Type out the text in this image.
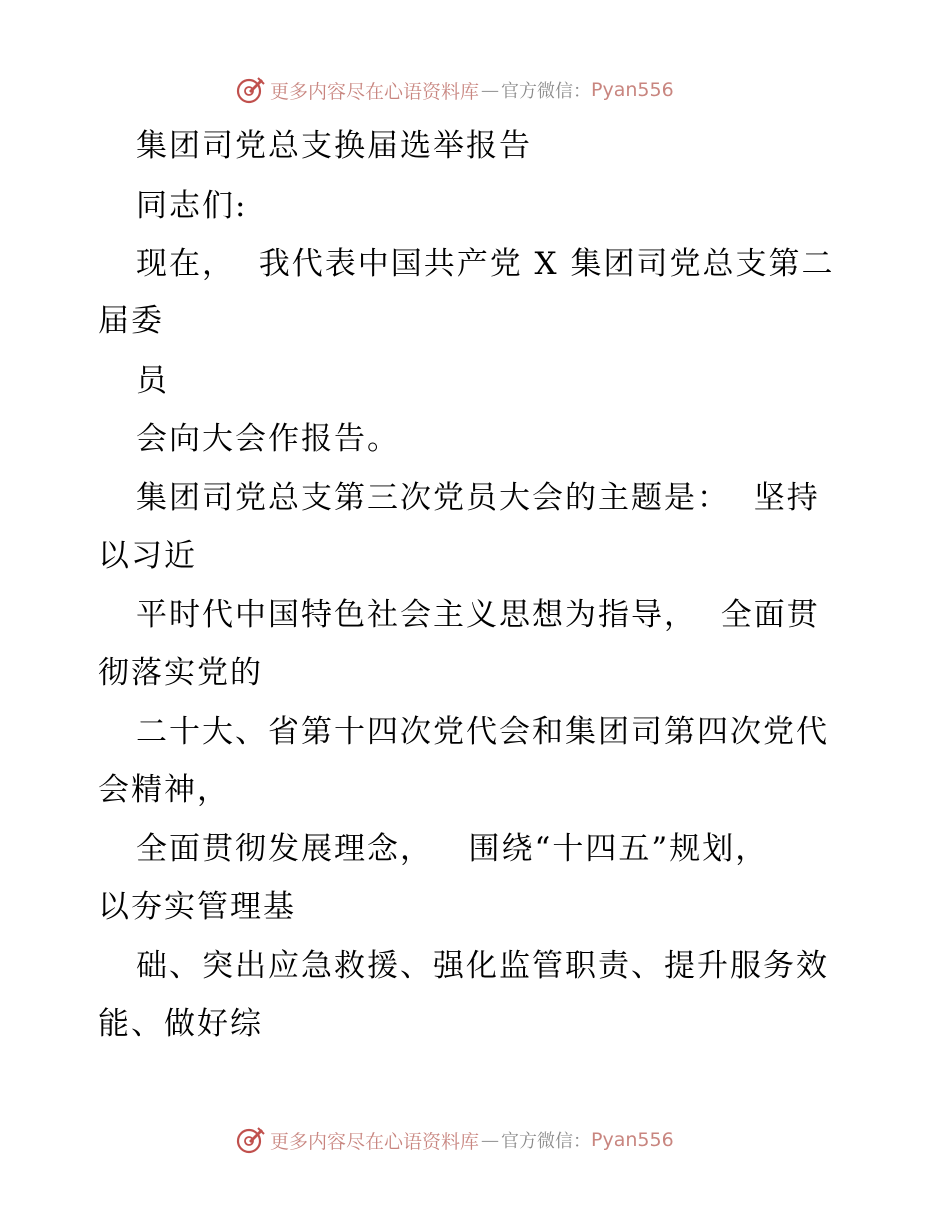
更多内容尽在心语资料库 — 官方微信： Pyan556
集团司党总支换届选举报告
同志们:
现在，  我代表中国共产党 X 集团司党总支第二
届委
员
会向大会作报告。
集团司党总支第三次党员大会的主题是：  坚持
以习近
平时代中国特色社会主义思想为指导，  全面贯
彻落实党的
二十大、省第十四次党代会和集团司第四次党代
会精神，
全面贯彻发展理念，   围绕“十四五”规划，
以夯实管理基
础、突出应急救援、强化监管职责、提升服务效
能、做好综
更多内容尽在心语资料库 — 官方微信： Pyan556
